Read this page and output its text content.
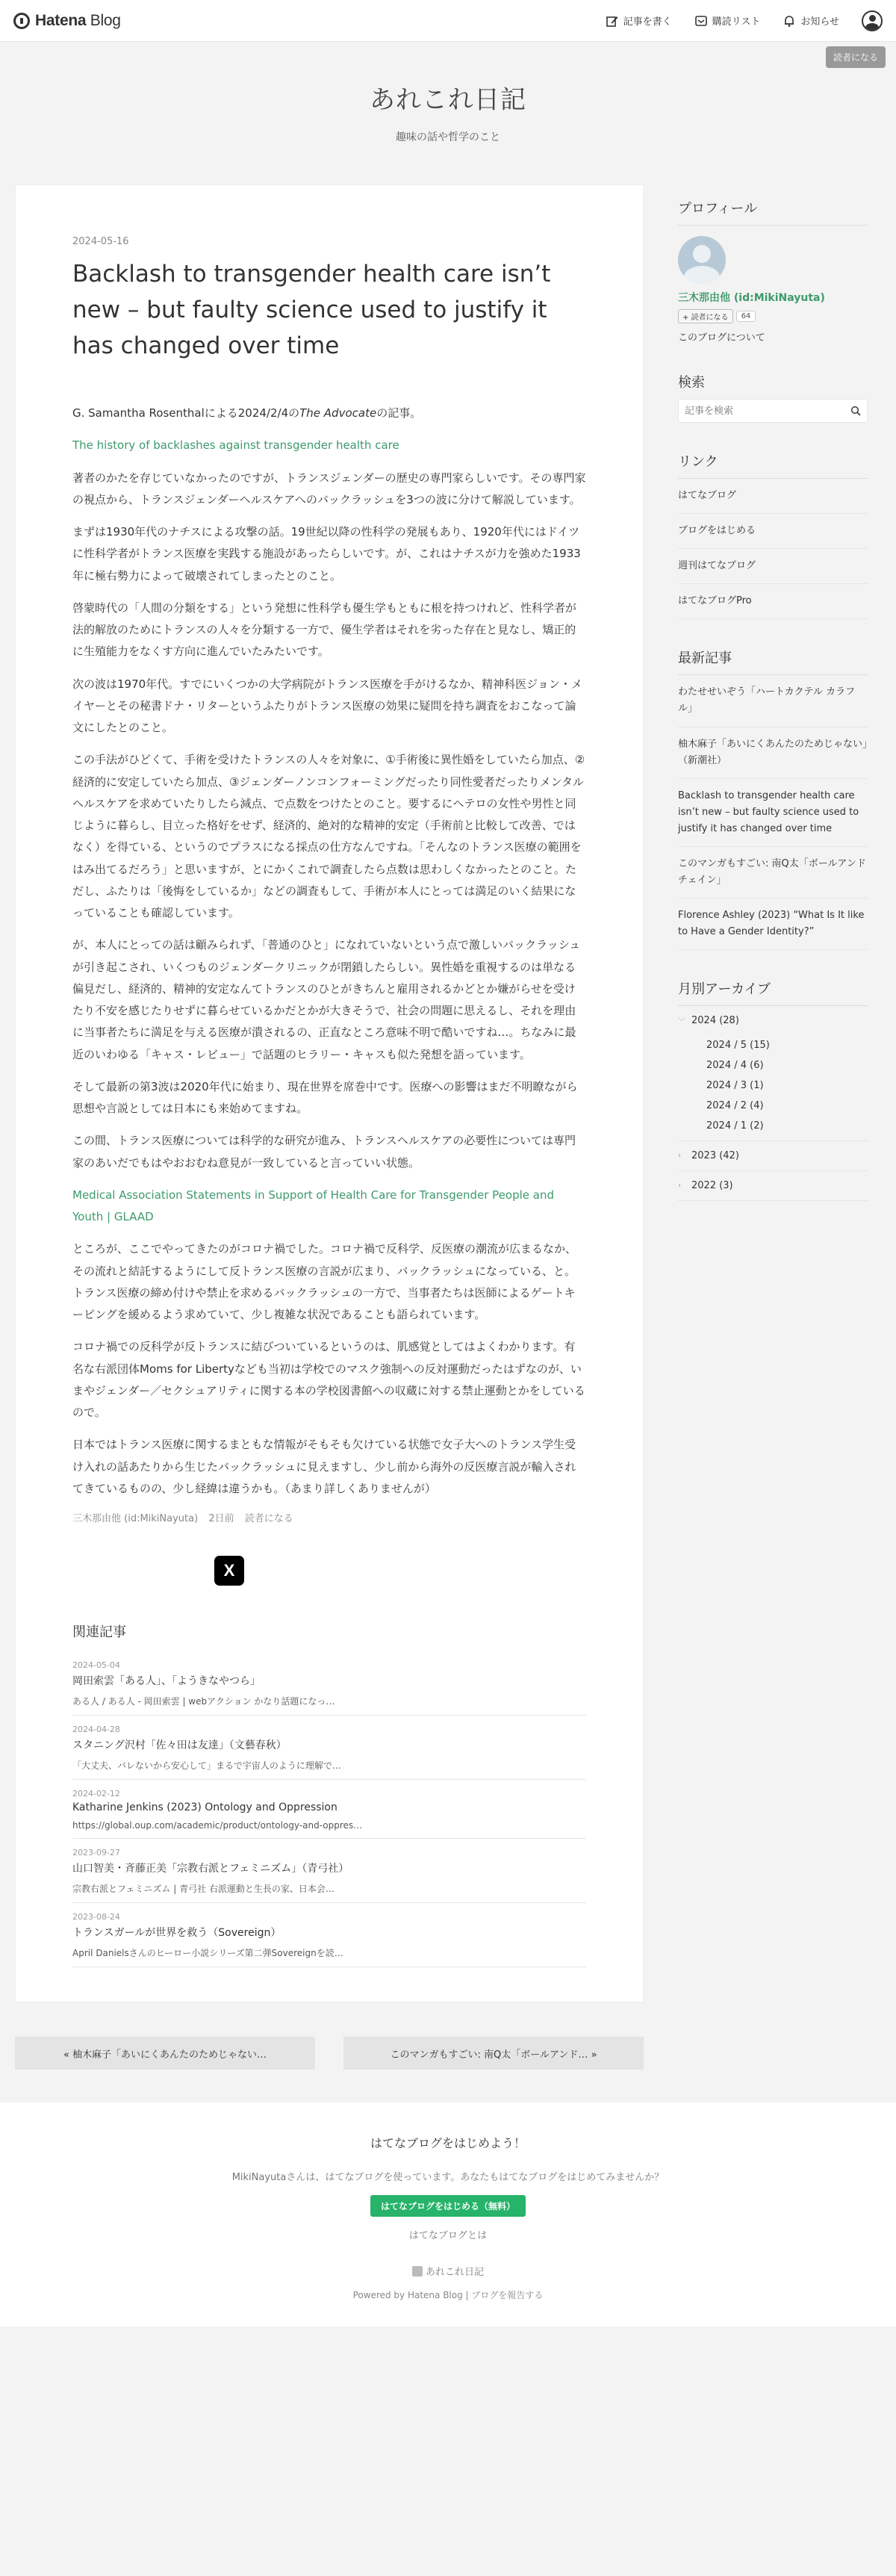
Hatena Blog	記事を書く	購読リスト	お知らせ
読者になる
あれこれ日記

趣味の話や哲学のこと

2024-05-16
Backlash to transgender health care isn’t new – but faulty science used to justify it has changed over time

G. Samantha Rosenthalによる2024/2/4のThe Advocateの記事。

The history of backlashes against transgender health care

著者のかたを存じていなかったのですが、トランスジェンダーの歴史の専門家らしいです。その専門家の視点から、トランスジェンダーヘルスケアへのバックラッシュを3つの波に分けて解説しています。

まずは1930年代のナチスによる攻撃の話。19世紀以降の性科学の発展もあり、1920年代にはドイツに性科学者がトランス医療を実践する施設があったらしいです。が、これはナチスが力を強めた1933年に極右勢力によって破壊されてしまったとのこと。

啓蒙時代の「人間の分類をする」という発想に性科学も優生学もともに根を持つけれど、性科学者が法的解放のためにトランスの人々を分類する一方で、優生学者はそれを劣った存在と見なし、矯正的に生殖能力をなくす方向に進んでいたみたいです。

次の波は1970年代。すでにいくつかの大学病院がトランス医療を手がけるなか、精神科医ジョン・メイヤーとその秘書ドナ・リターというふたりがトランス医療の効果に疑問を持ち調査をおこなって論文にしたとのこと。

この手法がひどくて、手術を受けたトランスの人々を対象に、①手術後に異性婚をしていたら加点、②経済的に安定していたら加点、③ジェンダーノンコンフォーミングだったり同性愛者だったりメンタルヘルスケアを求めていたりしたら減点、で点数をつけたとのこと。要するにヘテロの女性や男性と同じように暮らし、目立った格好をせず、経済的、絶対的な精神的安定（手術前と比較して改善、ではなく）を得ている、というのでプラスになる採点の仕方なんですね。「そんなのトランス医療の範囲をはみ出てるだろう」と思いますが、とにかくこれで調査したら点数は思わしくなかったとのこと。ただし、ふたりは「後悔をしているか」などの調査もして、手術が本人にとっては満足のいく結果になっていることも確認しています。

が、本人にとっての話は顧みられず、「普通のひと」になれていないという点で激しいバックラッシュが引き起こされ、いくつものジェンダークリニックが閉鎖したらしい。異性婚を重視するのは単なる偏見だし、経済的、精神的安定なんてトランスのひとがきちんと雇用されるかどとか嫌がらせを受けたり不安を感じたりせずに暮らせているかだとかが大きそうで、社会の問題に思えるし、それを理由に当事者たちに満足を与える医療が潰されるの、正直なところ意味不明で酷いですね…。ちなみに最近のいわゆる「キャス・レビュー」で話題のヒラリー・キャスも似た発想を語っています。

そして最新の第3波は2020年代に始まり、現在世界を席巻中です。医療への影響はまだ不明瞭ながら思想や言説としては日本にも来始めてますね。

この間、トランス医療については科学的な研究が進み、トランスヘルスケアの必要性については専門家のあいだでもはやおおむね意見が一致していると言っていい状態。

Medical Association Statements in Support of Health Care for Transgender People and Youth | GLAAD

ところが、ここでやってきたのがコロナ禍でした。コロナ禍で反科学、反医療の潮流が広まるなか、その流れと結託するようにして反トランス医療の言説が広まり、バックラッシュになっている、と。トランス医療の締め付けや禁止を求めるバックラッシュの一方で、当事者たちは医師によるゲートキーピングを緩めるよう求めていて、少し複雑な状況であることも語られています。

コロナ禍での反科学が反トランスに結びついているというのは、肌感覚としてはよくわかります。有名な右派団体Moms for Libertyなども当初は学校でのマスク強制への反対運動だったはずなのが、いまやジェンダー／セクシュアリティに関する本の学校図書館への収蔵に対する禁止運動とかをしているので。

日本ではトランス医療に関するまともな情報がそもそも欠けている状態で女子大へのトランス学生受け入れの話あたりから生じたバックラッシュに見えますし、少し前から海外の反医療言説が輸入されてきているものの、少し経緯は違うかも。（あまり詳しくありませんが）

三木那由他 (id:MikiNayuta) 2日前 読者になる
X
関連記事
2024-05-04
岡田索雲「ある人」、「ようきなやつら」
ある人 / ある人 - 岡田索雲 | webアクション かなり話題になっ…
2024-04-28
スタニング沢村「佐々田は友達」（文藝春秋）
「大丈夫、バレないから安心して」まるで宇宙人のように理解で…
2024-02-12
Katharine Jenkins (2023) Ontology and Oppression
https://global.oup.com/academic/product/ontology-and-oppres…
2023-09-27
山口智美・斉藤正美「宗教右派とフェミニズム」（青弓社）
宗教右派とフェミニズム | 青弓社 右派運動と生長の家、日本会…
2023-08-24
トランスガールが世界を救う（Sovereign）
April Danielsさんのヒーロー小説シリーズ第二弾Sovereignを読…
« 柚木麻子「あいにくあんたのためじゃない…	このマンガもすごい: 南Q太「ボールアンド… »
プロフィール
三木那由他 (id:MikiNayuta)
+ 読者になる	64
このブログについて
検索
記事を検索
リンク
はてなブログ
ブログをはじめる
週刊はてなブログ
はてなブログPro
最新記事
わたせせいぞう「ハートカクテル カラフル」
柚木麻子「あいにくあんたのためじゃない」（新潮社）
Backlash to transgender health care isn’t new – but faulty science used to justify it has changed over time
このマンガもすごい: 南Q太「ボールアンドチェイン」
Florence Ashley (2023) “What Is It like to Have a Gender Identity?”
月別アーカイブ
﹀ 2024 (28)
2024 / 5 (15)
2024 / 4 (6)
2024 / 3 (1)
2024 / 2 (4)
2024 / 1 (2)
›	2023 (42)
›	2022 (3)
はてなブログをはじめよう！
MikiNayutaさんは、はてなブログを使っています。あなたもはてなブログをはじめてみませんか？
はてなブログをはじめる（無料）
はてなブログとは
あれこれ日記
Powered by Hatena Blog | ブログを報告する
